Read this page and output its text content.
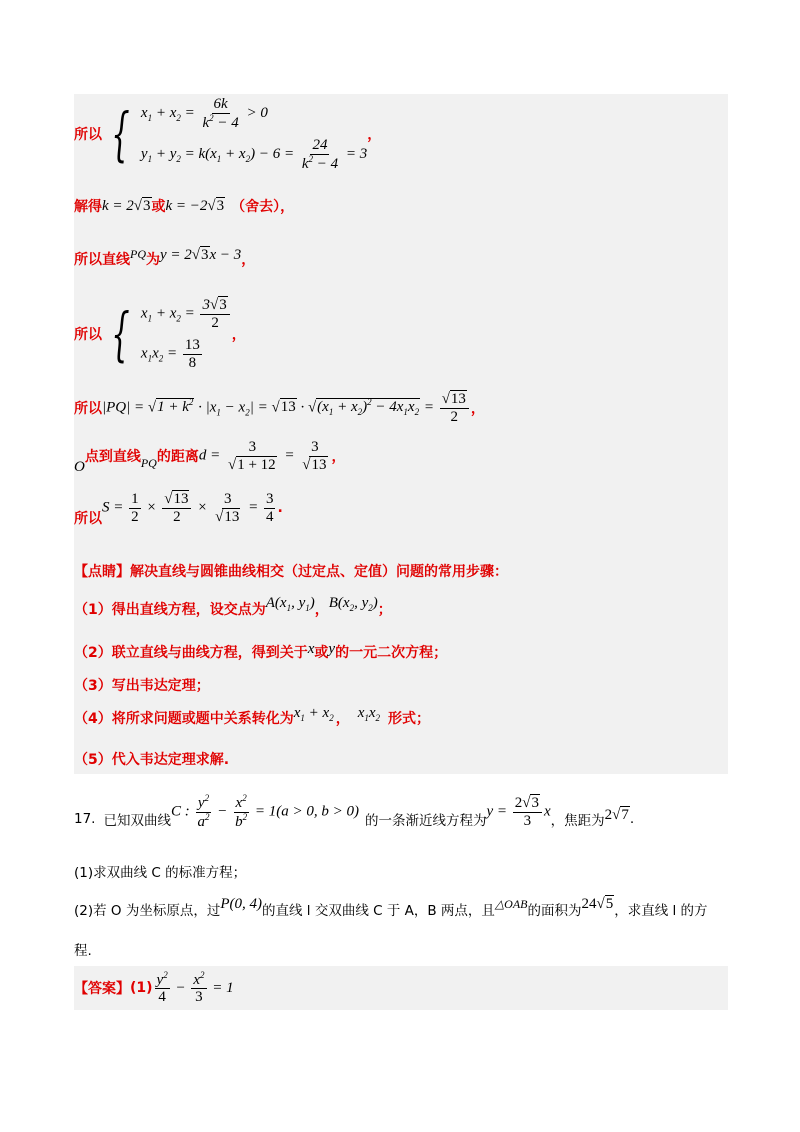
所以 { $x_1 + x_2 = \frac{6k}{k^2 - 4} > 0$
$y_1 + y_2 = k(x_1 + x_2) - 6 = \frac{24}{k^2 - 4} = 3$
，
解得 k = 2√3 或 k = −2√3 （舍去），
所以直线 PQ 为 y = 2√3x − 3 ，
所以 { $x_1 + x_2 = \frac{3√3}{2}$
$x_1x_2 = \frac{13}{8}$
，
所以 $|PQ| = √1 + k^2 \cdot |x_1 - x_2| = √13 \cdot √(x_1 + x_2)^2 - 4x_1x_2 = \frac{√13}{2}$ ，
O
点到直线 PQ 的距离 $d = \frac{3}{√1 + 12} = \frac{3}{√13}$ ，
所以
$S = \frac{1}{2} \times \frac{√13}{2} \times \frac{3}{√13} = \frac{3}{4}$ .
【点睛】解决直线与圆锥曲线相交（过定点、定值）问题的常用步骤：
（1）得出直线方程，设交点为 $A(x_1$, $y_1$) ， $B(x_2$, $y_2$) ；
（2）联立直线与曲线方程，得到关于 x 或 y 的一元二次方程；
（3）写出韦达定理；
（4）将所求问题或题中关系转化为 $x_1 + x_2$ ， $x_1x_2$ 形式；
（5）代入韦达定理求解.
17. 已知双曲线
C : $\frac{y^2}{a^2} - \frac{x^2}{b^2} = 1(a > 0$, b > 0)
的一条渐近线方程为
$y = \frac{2√3}{3}$ x
，焦距为 2√7 .
(1)求双曲线 C 的标准方程；
(2)若 O 为坐标原点，过 P(0, 4) 的直线 l 交双曲线 C 于 A，B 两点，且 △OAB 的面积为 24√5 ，求直线 l 的方
程.
【答案】 $(1) \frac{y^2}{4} - \frac{x^2}{3} = 1$
